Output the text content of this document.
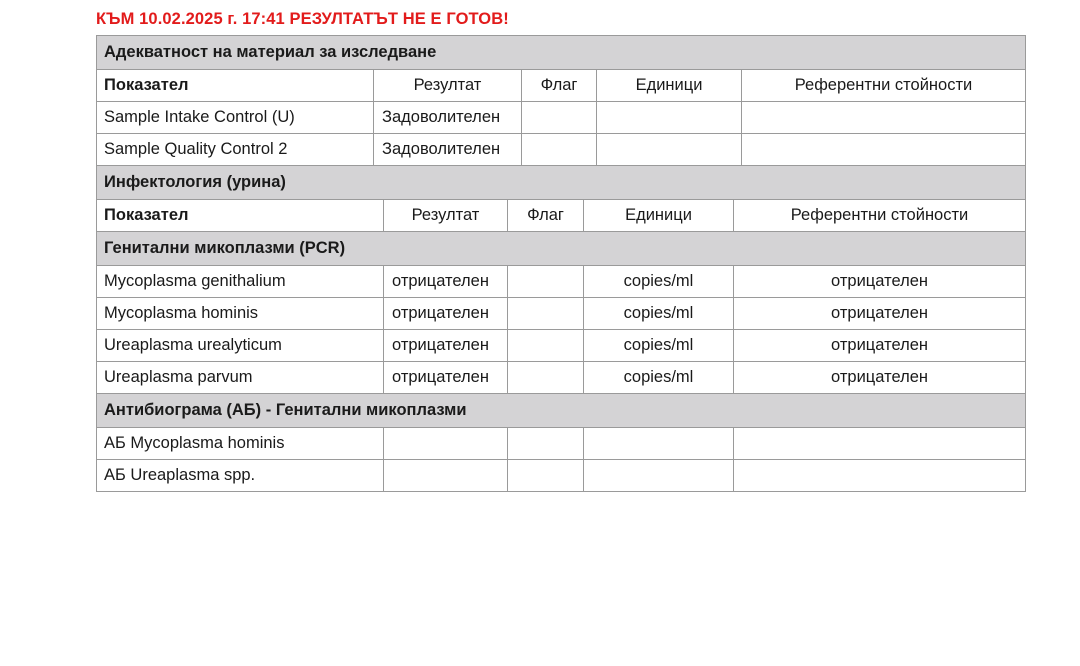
КЪМ 10.02.2025 г. 17:41 РЕЗУЛТАТЪТ НЕ Е ГОТОВ!
Адекватност на материал за изследване				
Показател	Резултат	Флаг	Единици	Референтни стойности
Sample Intake Control (U)	Задоволителен			
Sample Quality Control 2	Задоволителен			
Инфектология (урина)				
Показател	Резултат	Флаг	Единици	Референтни стойности
Генитални микоплазми (PCR)				
Mycoplasma genithalium	отрицателен		copies/ml	отрицателен
Mycoplasma hominis	отрицателен		copies/ml	отрицателен
Ureaplasma urealyticum	отрицателен		copies/ml	отрицателен
Ureaplasma parvum	отрицателен		copies/ml	отрицателен
Антибиограма (АБ) - Генитални микоплазми				
АБ Mycoplasma hominis				
АБ Ureaplasma spp.				
